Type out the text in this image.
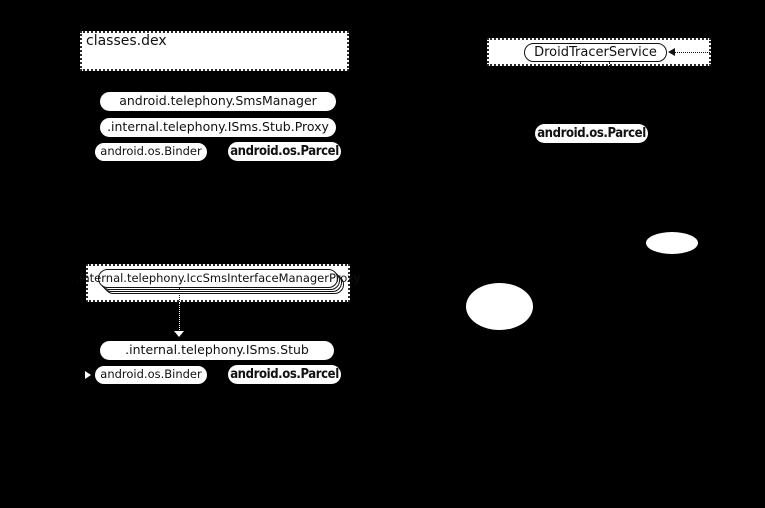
classes.dex
android.telephony.SmsManager
.internal.telephony.ISms.Stub.Proxy
android.os.Binder	android.os.Parcel
.internal.telephony.IccSmsInterfaceManagerProxy
.internal.telephony.ISms.Stub
android.os.Binder	android.os.Parcel
DroidTracerService
android.os.Parcel
